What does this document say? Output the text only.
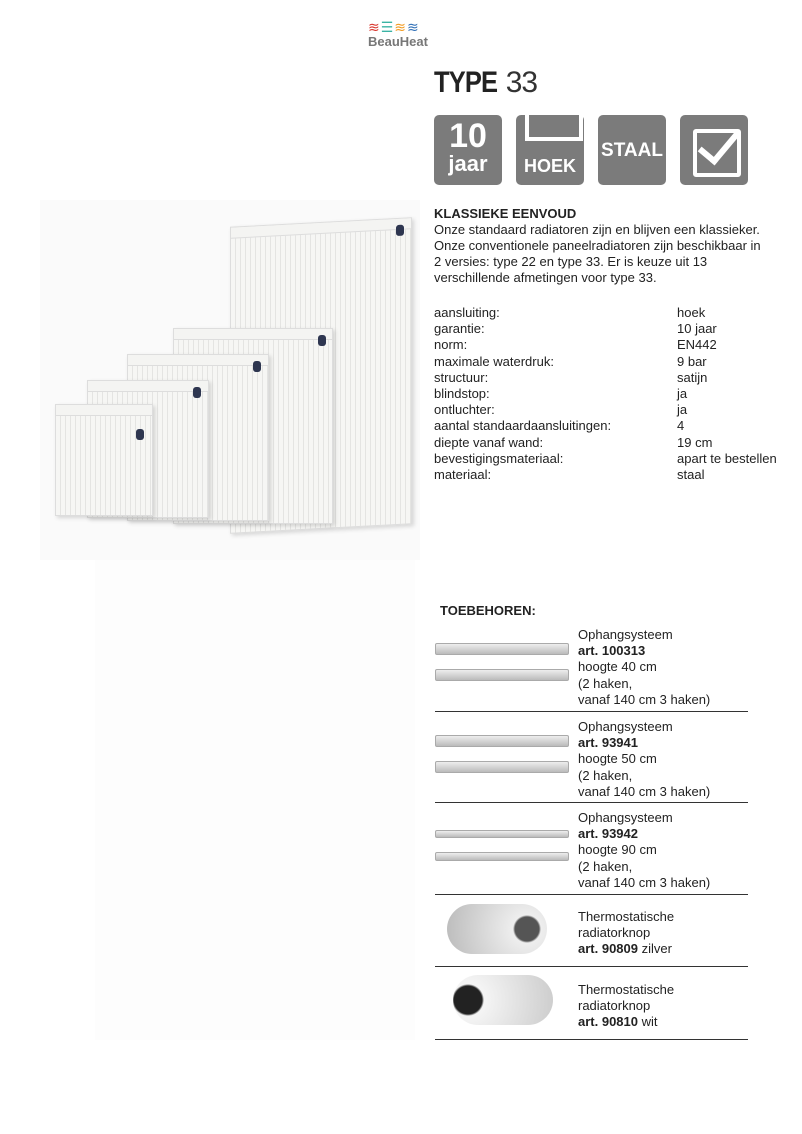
≋ ☰ ≋ ≋
BeauHeat
TYPE 33
10
jaar	HOEK
STAAL
KLASSIEKE EENVOUD
Onze standaard radiatoren zijn en blijven een klassieker. Onze conventionele paneelradiatoren zijn beschikbaar in 2 versies: type 22 en type 33. Er is keuze uit 13 verschillende afmetingen voor type 33.
aansluiting:	hoek
garantie:	10 jaar
norm:	EN442
maximale waterdruk:	9 bar
structuur:	satijn
blindstop:	ja
ontluchter:	ja
aantal standaardaansluitingen:	4
diepte vanaf wand:	19 cm
bevestigingsmateriaal:	apart te bestellen
materiaal:	staal
TOEBEHOREN:
Ophangsysteem
art. 100313
hoogte 40 cm
(2 haken,
vanaf 140 cm 3 haken)
Ophangsysteem
art. 93941
hoogte 50 cm
(2 haken,
vanaf 140 cm 3 haken)
Ophangsysteem
art. 93942
hoogte 90 cm
(2 haken,
vanaf 140 cm 3 haken)
Thermostatische
radiatorknop
art. 90809 zilver
Thermostatische
radiatorknop
art. 90810 wit
